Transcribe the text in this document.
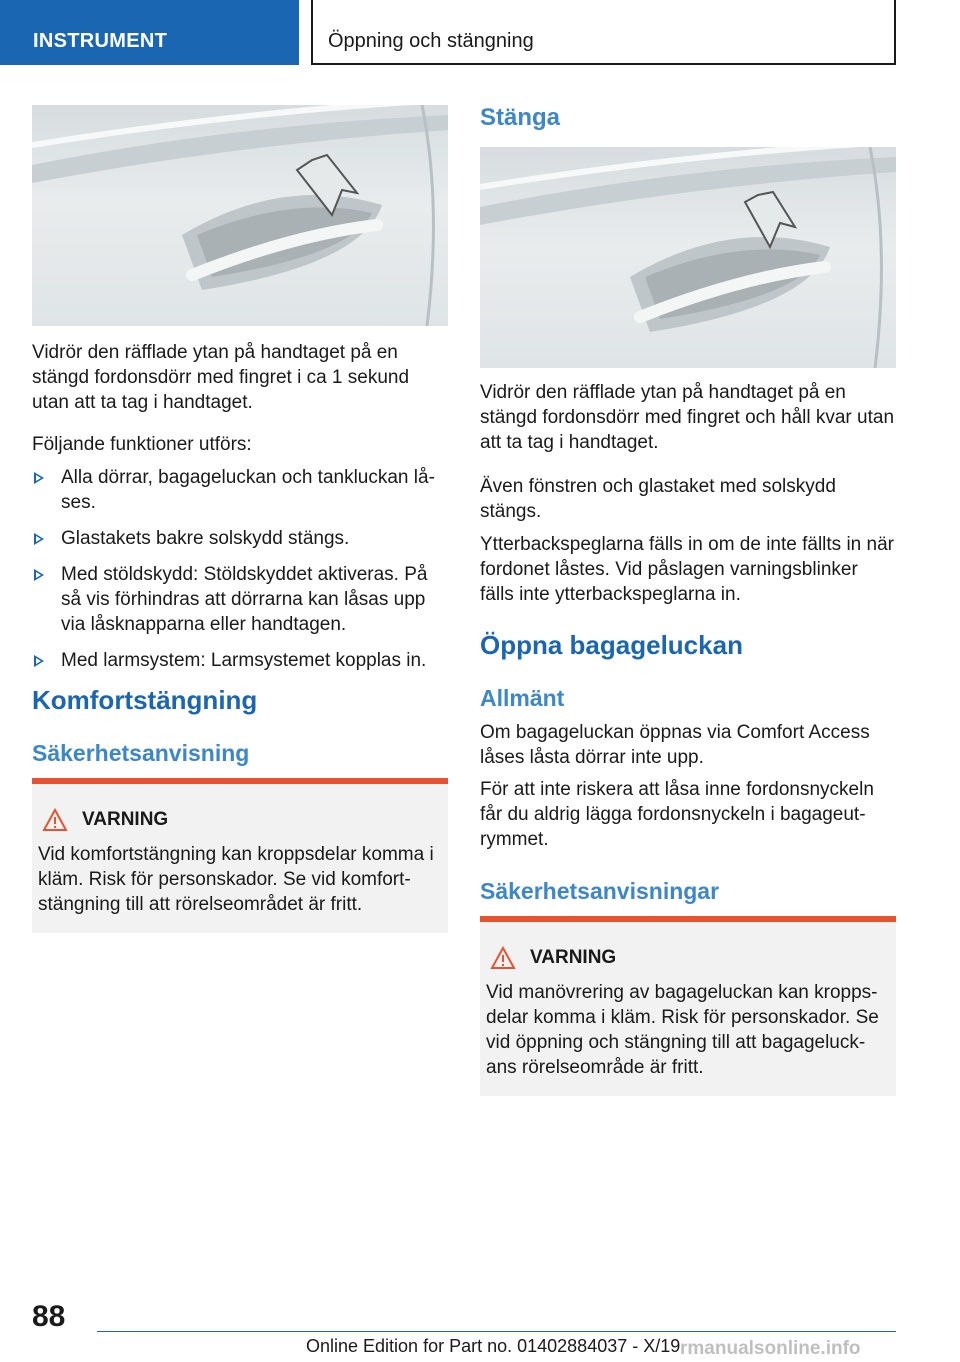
INSTRUMENT	Öppning och stängning

Vidrör den räfflade ytan på handtaget på en stängd fordonsdörr med fingret i ca 1 sekund utan att ta tag i handtaget.

Följande funktioner utförs:

Alla dörrar, bagageluckan och tankluckan låses.
Glastakets bakre solskydd stängs.
Med stöldskydd: Stöldskyddet aktiveras. På så vis förhindras att dörrarna kan låsas upp via låsknapparna eller handtagen.
Med larmsystem: Larmsystemet kopplas in.
Komfortstängning
Säkerhetsanvisning
VARNING
Vid komfortstängning kan kroppsdelar komma i kläm. Risk för personskador. Se vid komfortstängning till att rörelseområdet är fritt.
Stänga

Vidrör den räfflade ytan på handtaget på en stängd fordonsdörr med fingret och håll kvar utan att ta tag i handtaget.

Även fönstren och glastaket med solskydd stängs.

Ytterbackspeglarna fälls in om de inte fällts in när fordonet låstes. Vid påslagen varningsblinker fälls inte ytterbackspeglarna in.

Öppna bagageluckan
Allmänt

Om bagageluckan öppnas via Comfort Access låses låsta dörrar inte upp.

För att inte riskera att låsa inne fordonsnyckeln får du aldrig lägga fordonsnyckeln i bagageutrymmet.

Säkerhetsanvisningar
VARNING
Vid manövrering av bagageluckan kan kroppsdelar komma i kläm. Risk för personskador. Se vid öppning och stängning till att bagageluckans rörelseområde är fritt.
88
Online Edition for Part no. 01402884037 - X/19 rmanualsonline.info
